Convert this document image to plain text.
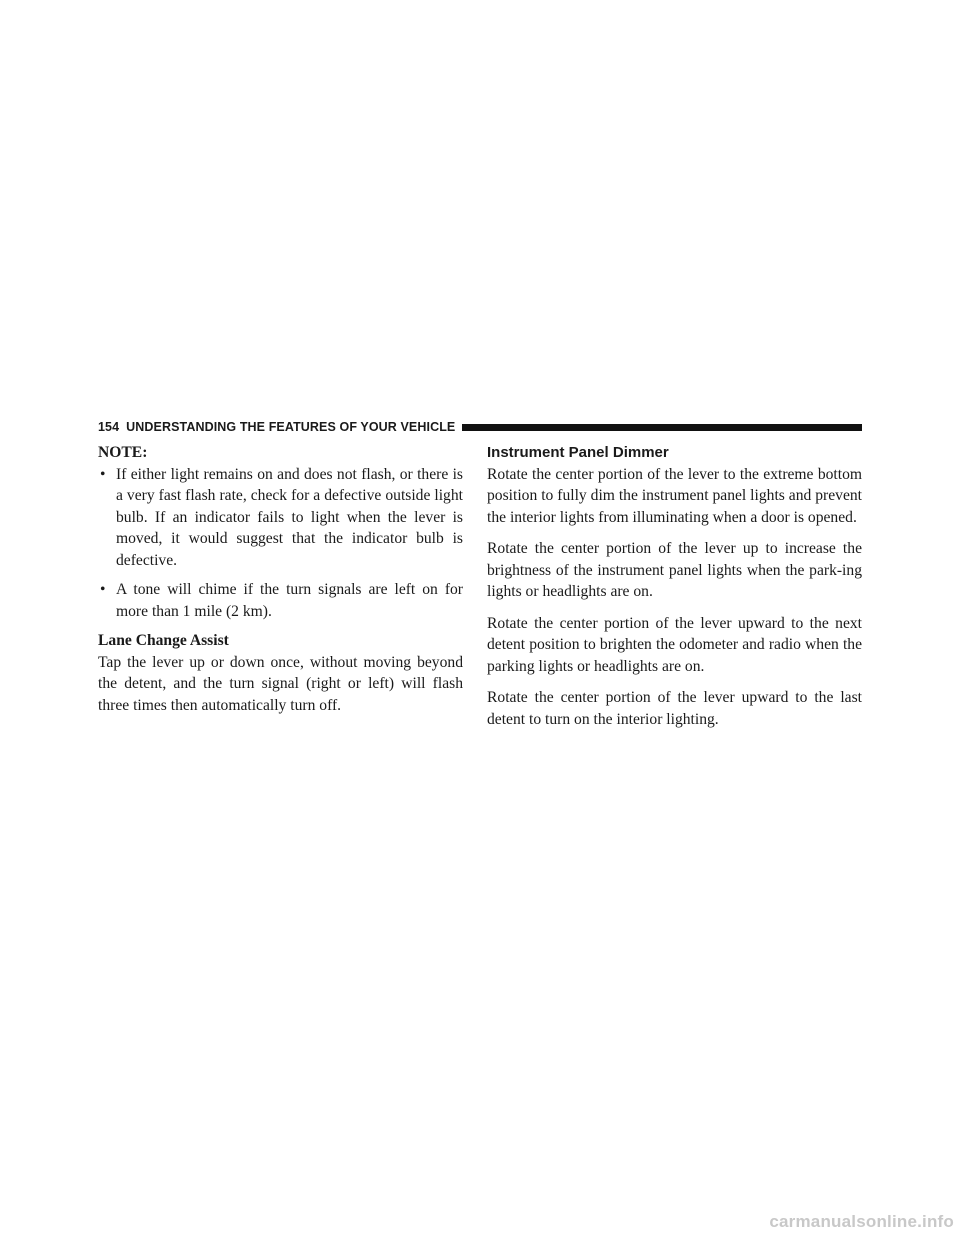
154 UNDERSTANDING THE FEATURES OF YOUR VEHICLE

NOTE:

• If either light remains on and does not flash, or there is a very fast flash rate, check for a defective outside light bulb. If an indicator fails to light when the lever is moved, it would suggest that the indicator bulb is defective.
• A tone will chime if the turn signals are left on for more than 1 mile (2 km).

Lane Change Assist

Tap the lever up or down once, without moving beyond the detent, and the turn signal (right or left) will flash three times then automatically turn off.

Instrument Panel Dimmer

Rotate the center portion of the lever to the extreme bottom position to fully dim the instrument panel lights and prevent the interior lights from illuminating when a door is opened.

Rotate the center portion of the lever up to increase the brightness of the instrument panel lights when the park-ing lights or headlights are on.

Rotate the center portion of the lever upward to the next detent position to brighten the odometer and radio when the parking lights or headlights are on.

Rotate the center portion of the lever upward to the last detent to turn on the interior lighting.

carmanualsonline.info
